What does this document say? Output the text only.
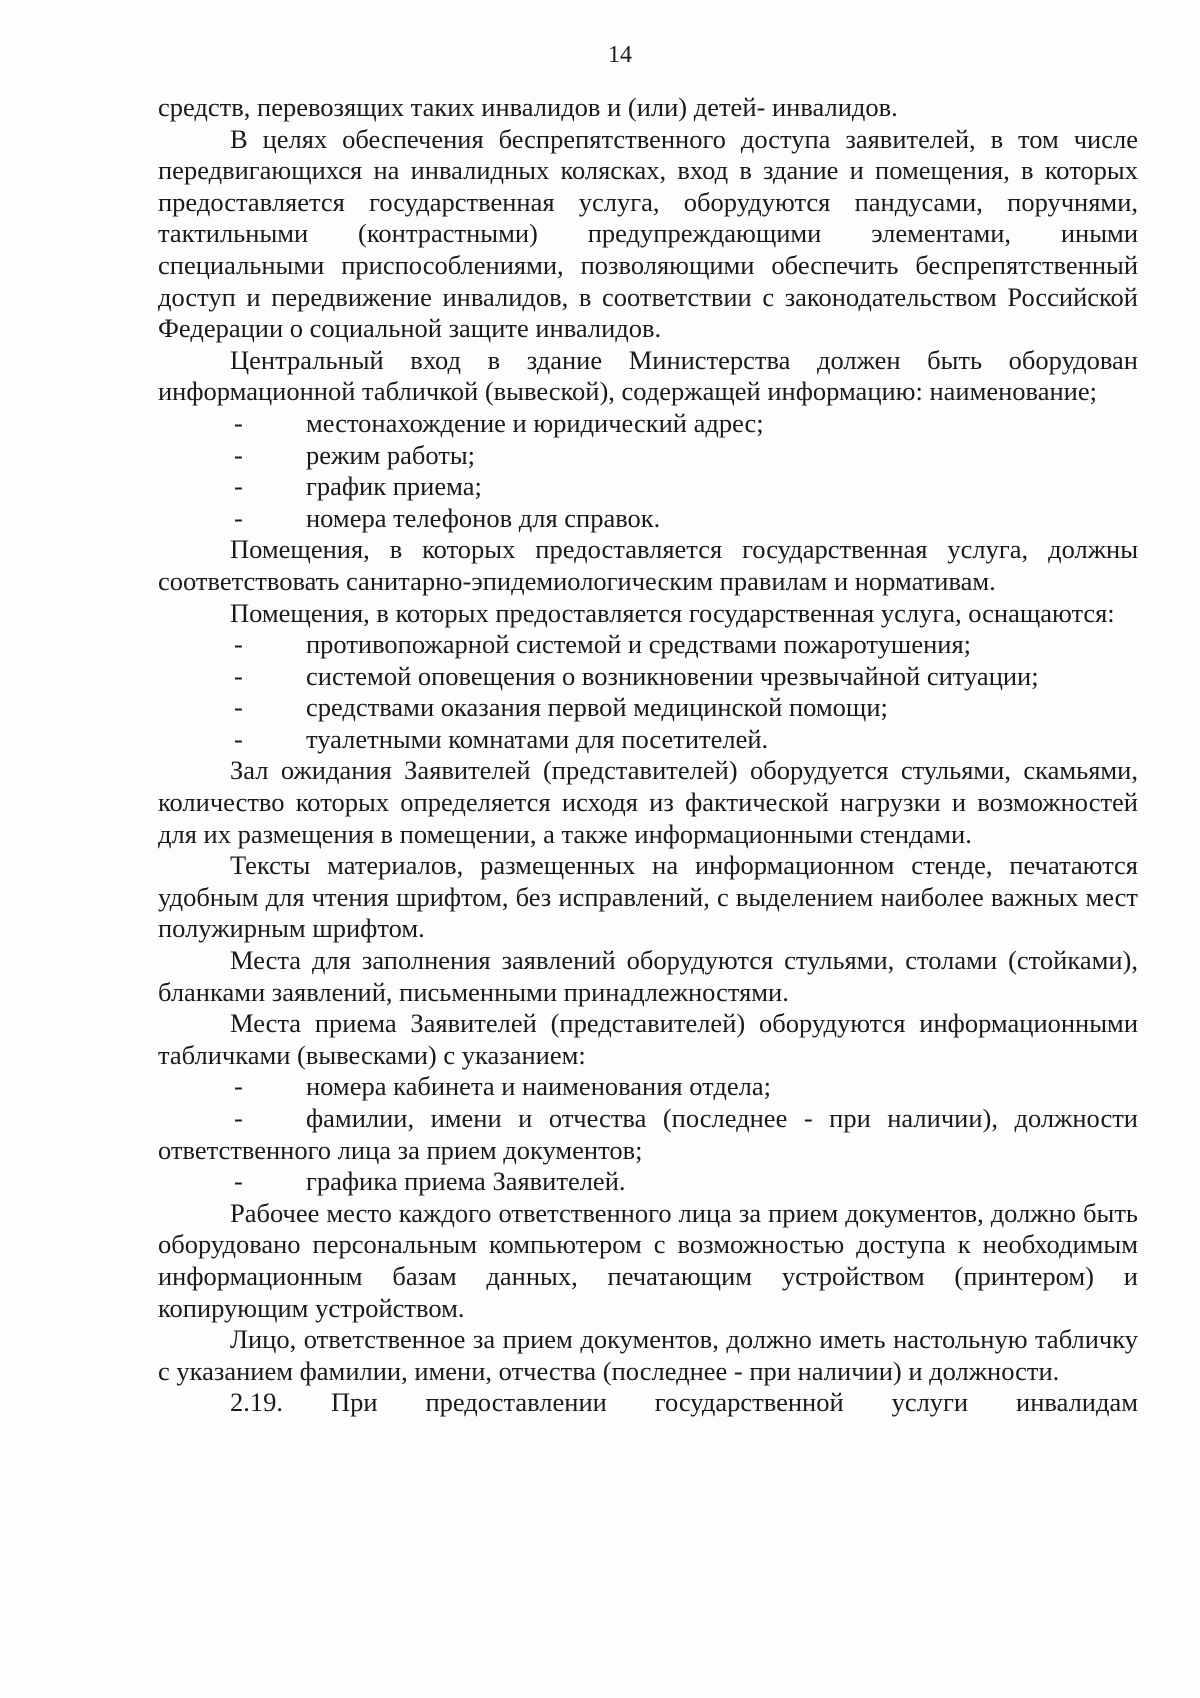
14

средств, перевозящих таких инвалидов и (или) детей- инвалидов.

В целях обеспечения беспрепятственного доступа заявителей, в том числе передвигающихся на инвалидных колясках, вход в здание и помещения, в которых предоставляется государственная услуга, оборудуются пандусами, поручнями, тактильными (контрастными) предупреждающими элементами, иными специальными приспособлениями, позволяющими обеспечить беспрепятственный доступ и передвижение инвалидов, в соответствии с законодательством Российской Федерации о социальной защите инвалидов.

Центральный вход в здание Министерства должен быть оборудован информационной табличкой (вывеской), содержащей информацию: наименование;

- местонахождение и юридический адрес;

- режим работы;

- график приема;

- номера телефонов для справок.

Помещения, в которых предоставляется государственная услуга, должны соответствовать санитарно-эпидемиологическим правилам и нормативам.

Помещения, в которых предоставляется государственная услуга, оснащаются:

- противопожарной системой и средствами пожаротушения;

- системой оповещения о возникновении чрезвычайной ситуации;

- средствами оказания первой медицинской помощи;

- туалетными комнатами для посетителей.

Зал ожидания Заявителей (представителей) оборудуется стульями, скамьями, количество которых определяется исходя из фактической нагрузки и возможностей для их размещения в помещении, а также информационными стендами.

Тексты материалов, размещенных на информационном стенде, печатаются удобным для чтения шрифтом, без исправлений, с выделением наиболее важных мест полужирным шрифтом.

Места для заполнения заявлений оборудуются стульями, столами (стойками), бланками заявлений, письменными принадлежностями.

Места приема Заявителей (представителей) оборудуются информационными табличками (вывесками) с указанием:

- номера кабинета и наименования отдела;

- фамилии, имени и отчества (последнее - при наличии), должности ответственного лица за прием документов;

- графика приема Заявителей.

Рабочее место каждого ответственного лица за прием документов, должно быть оборудовано персональным компьютером с возможностью доступа к необходимым информационным базам данных, печатающим устройством (принтером) и копирующим устройством.

Лицо, ответственное за прием документов, должно иметь настольную табличку с указанием фамилии, имени, отчества (последнее - при наличии) и должности.

2.19. При предоставлении государственной услуги инвалидам
